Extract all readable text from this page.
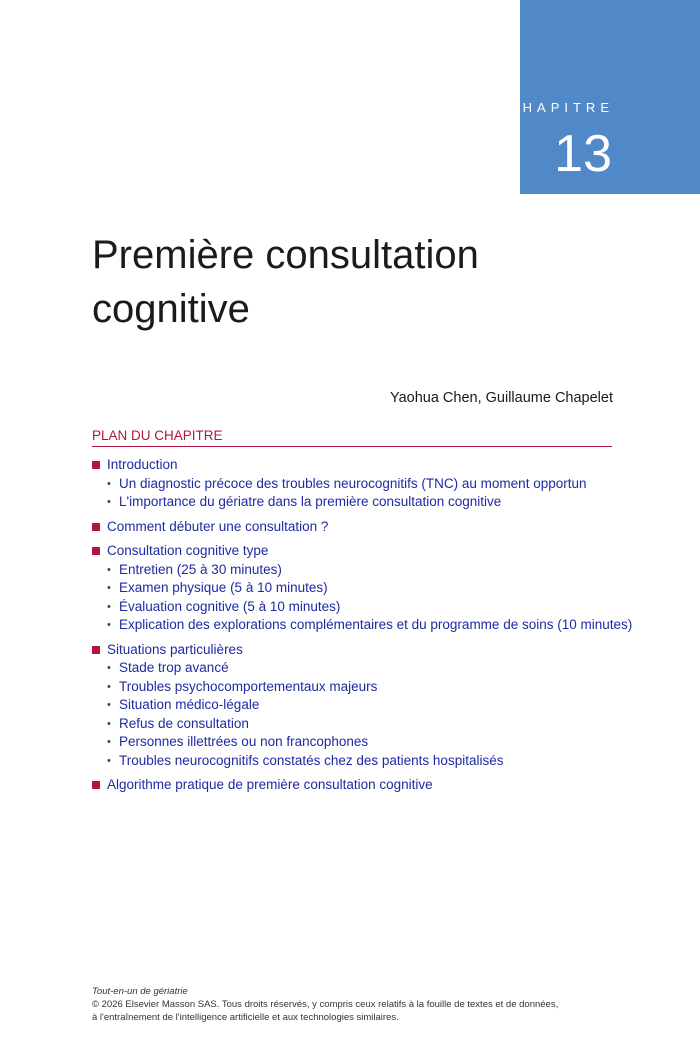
CHAPITRE
13
Première consultation
cognitive
Yaohua Chen, Guillaume Chapelet
PLAN DU CHAPITRE
Introduction
• Un diagnostic précoce des troubles neurocognitifs (TNC) au moment opportun
• L'importance du gériatre dans la première consultation cognitive
Comment débuter une consultation ?
Consultation cognitive type
• Entretien (25 à 30 minutes)
• Examen physique (5 à 10 minutes)
• Évaluation cognitive (5 à 10 minutes)
• Explication des explorations complémentaires et du programme de soins (10 minutes)
Situations particulières
• Stade trop avancé
• Troubles psychocomportementaux majeurs
• Situation médico-légale
• Refus de consultation
• Personnes illettrées ou non francophones
• Troubles neurocognitifs constatés chez des patients hospitalisés
Algorithme pratique de première consultation cognitive
Tout-en-un de gériatrie
© 2026 Elsevier Masson SAS. Tous droits réservés, y compris ceux relatifs à la fouille de textes et de données,
à l'entraînement de l'intelligence artificielle et aux technologies similaires.
